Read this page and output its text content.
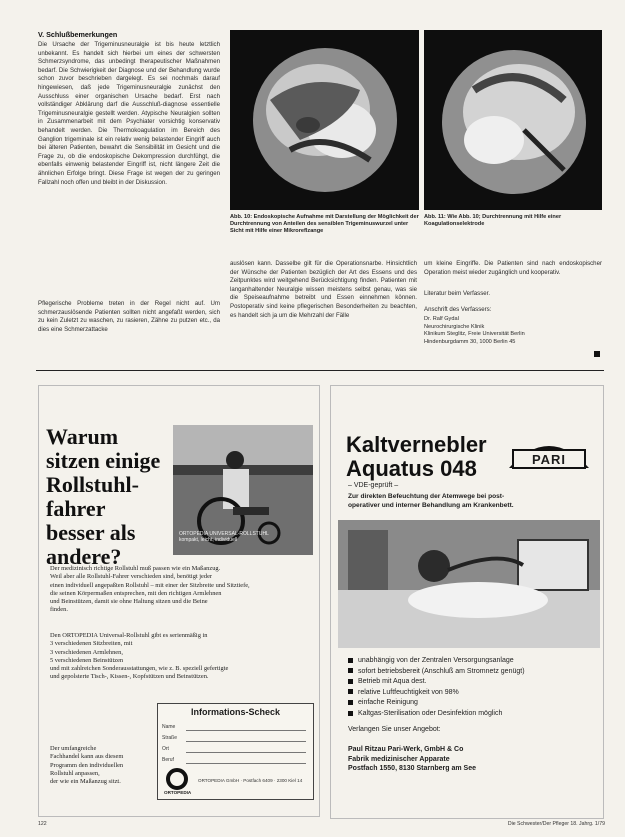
V. Schlußbemerkungen
Die Ursache der Trigeminusneuralgie ist bis heute letztlich unbekannt. Es handelt sich hierbei um eines der schwersten Schmerzsyndrome, das unbedingt therapeutischer Maßnahmen bedarf. Die Schwierigkeit der Diagnose und der Behandlung wurde schon zuvor beschrieben dargelegt. Es sei nochmals darauf hingewiesen, daß jede Trigeminusneuralgie zunächst den Ausschluss einer organischen Ursache bedarf. Erst nach vollständiger Abklärung darf die Ausschluß-diagnose essentielle Trigeminusneuralgie gestellt werden. Atypische Neuralgien sollten in Zusammenarbeit mit dem Psychiater vorsichtig konservativ behandelt werden. Die Thermokoagulation im Bereich des Ganglion trigeminale ist ein relativ wenig belastender Eingriff auch bei älteren Patienten, bewahrt die Sensibilität im Gesicht und die Frage zu, ob die endoskopische Dekompression durchfühgt, die ebenfalls einwenig belastender Eingriff ist, nicht längere Zeit die ähnlichen Erfolge bringt. Diese Frage ist wegen der zu geringen Fallzahl noch offen und bleibt in der Diskussion.
Pflegerische Probleme treten in der Regel nicht auf. Um schmerzauslösende Patienten sollten nicht angefaßt werden, sich zu kein Zuletzt zu waschen, zu rasieren, Zähne zu putzen etc., da dies eine Schmerzattacke
Abb. 10: Endoskopische Aufnahme mit Darstellung der Möglichkeit der Durchtrennung von Anteilen des sensiblen Trigeminuswurzel unter Sicht mit Hilfe einer Mikroreflzange
Abb. 11: Wie Abb. 10; Durchtrennung mit Hilfe einer Koagulationselektrode
auslösen kann. Dasselbe gilt für die Operationsnarbe. Hinsichtlich der Wünsche der Patienten bezüglich der Art des Essens und des Zeitpunktes wird weitgehend Berücksichtigung finden. Patienten mit langanhaltender Neuralgie wissen meistens selbst genau, was sie die Speiseaufnahme betreibt und Essen einnehmen können. Postoperativ sind keine pflegerischen Besonderheiten zu beachten, es handelt sich ja um die Mehrzahl der Fälle
um kleine Eingriffe. Die Patienten sind nach endoskopischer Operation meist wieder zugänglich und kooperativ.
Literatur beim Verfasser.
Anschrift des Verfassers:
Dr. Ralf Gydal
Neurochirurgische Klinik
Klinikum Steglitz, Freie Universität Berlin
Hindenburgdamm 30, 1000 Berlin 45
Warum
sitzen einige
Rollstuhl-
fahrer
besser als
andere?
ORTOPEDIA UNIVERSAL-ROLLSTUHL
kompakt, leicht, individuell
Der medizinisch richtige Rollstuhl muß passen wie ein Maßanzug.
Weil aber alle Rollstuhl-Fahrer verschieden sind, benötigt jeder
einen individuell angepaßten Rollstuhl – mit einer der Sitzbreite und Sitztiefe,
die seinen Körpermaßen entsprechen, mit den richtigen Armlehnen
und Beinstützen, damit sie ohne Haltung sitzen und die Beine
finden.
Den ORTOPEDIA Universal-Rollstuhl gibt es serienmäßig in
3 verschiedenen Sitzbreiten, mit
3 verschiedenen Armlehnen,
5 verschiedenen Beinstützen
und mit zahlreichen Sonderausstattungen, wie z. B. speziell gefertigte
und gepolsterte Tisch-, Kissen-, Kopfstützen und Beinstützen.
Der umfangreiche
Fachhandel kann aus diesem
Programm den individuellen
Rollstuhl anpassen,
der wie ein Maßanzug sitzt.
Informations-Scheck
Name
Straße
Ort
Beruf
ORTOPEDIA
ORTOPEDIA GmbH · Postfach 6409 · 2300 Kiel 14
Kaltvernebler
Aquatus 048	PARI
– VDE-geprüft –
Zur direkten Befeuchtung der Atemwege bei post-
operativer und interner Behandlung am Krankenbett.
unabhängig von der Zentralen Versorgungsanlage
sofort betriebsbereit (Anschluß am Stromnetz genügt)
Betrieb mit Aqua dest.
relative Luftfeuchtigkeit von 98%
einfache Reinigung
Kaltgas-Sterilisation oder Desinfektion möglich
Verlangen Sie unser Angebot:
Paul Ritzau Pari-Werk, GmbH & Co
Fabrik medizinischer Apparate
Postfach 1550, 8130 Starnberg am See
122	Die Schwester/Der Pfleger 18. Jahrg. 1/79
